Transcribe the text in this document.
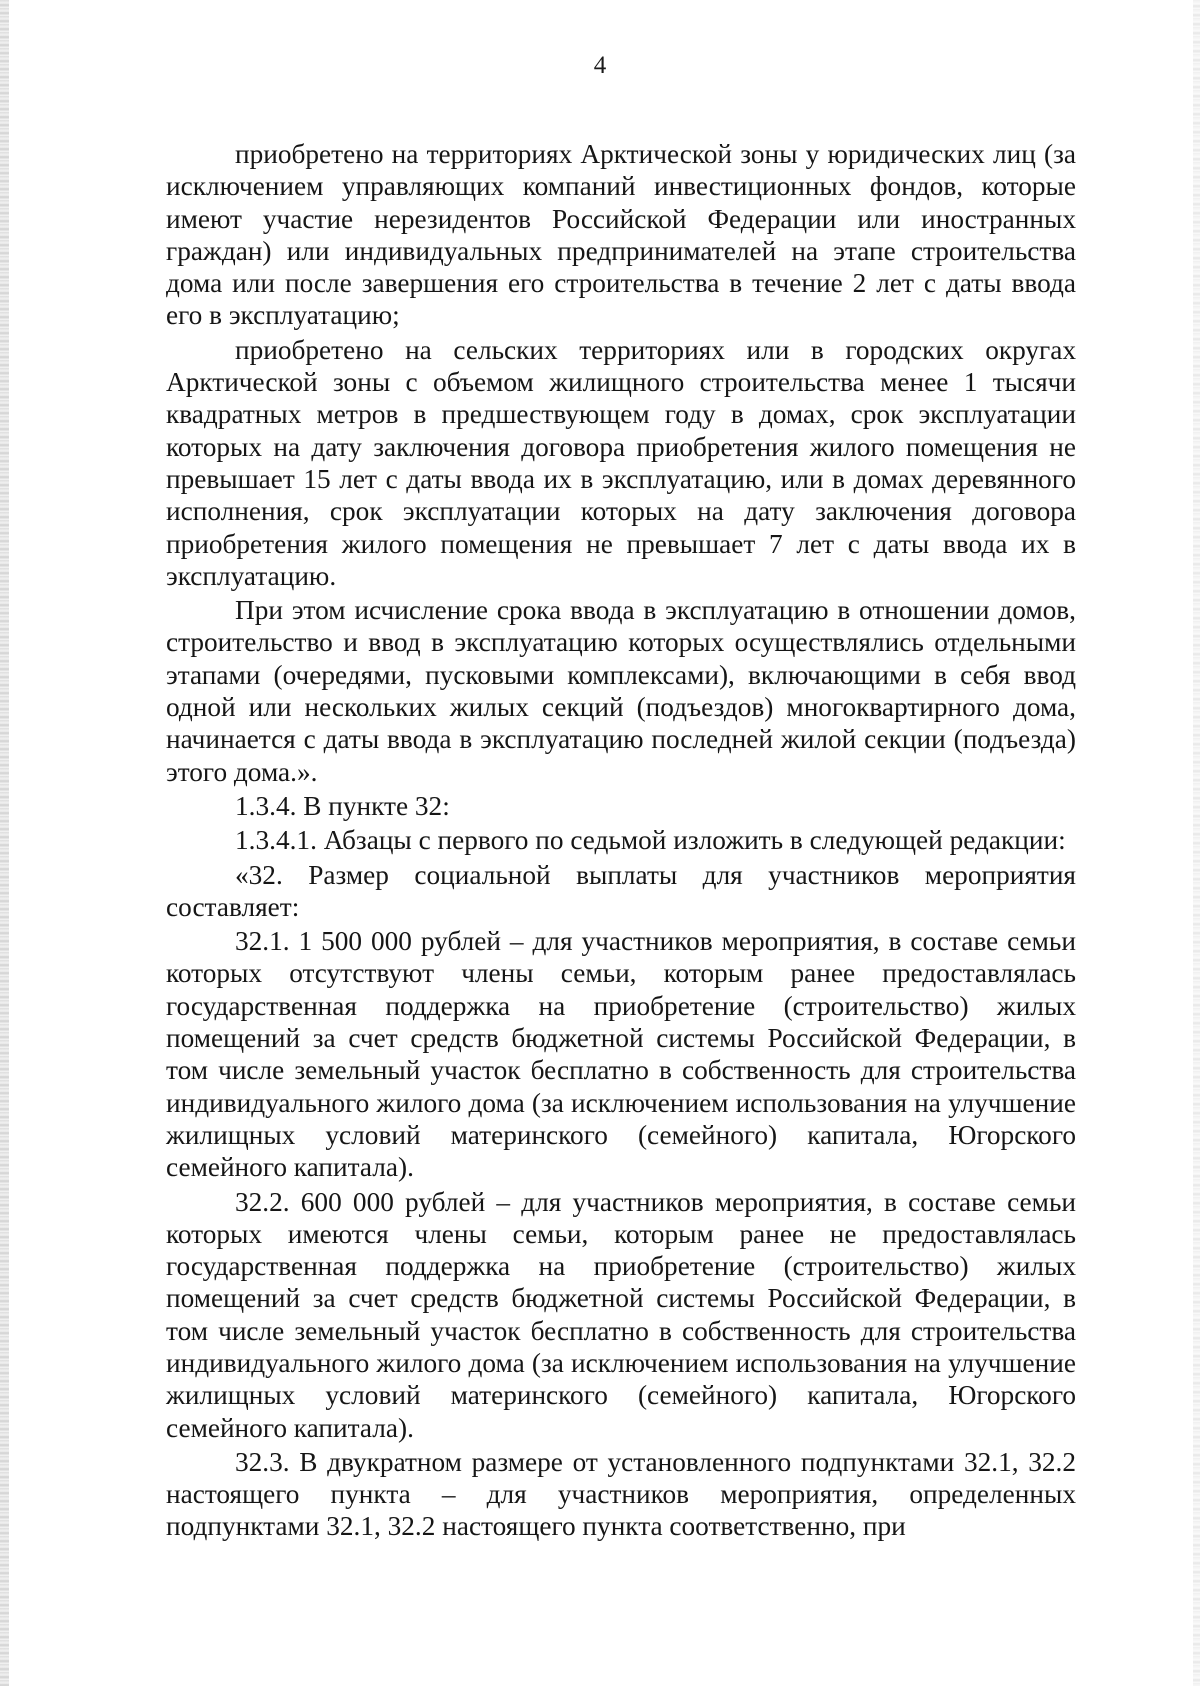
4

приобретено на территориях Арктической зоны у юридических лиц (за исключением управляющих компаний инвестиционных фондов, которые имеют участие нерезидентов Российской Федерации или иностранных граждан) или индивидуальных предпринимателей на этапе строительства дома или после завершения его строительства в течение 2 лет с даты ввода его в эксплуатацию;

приобретено на сельских территориях или в городских округах Арктической зоны с объемом жилищного строительства менее 1 тысячи квадратных метров в предшествующем году в домах, срок эксплуатации которых на дату заключения договора приобретения жилого помещения не превышает 15 лет с даты ввода их в эксплуатацию, или в домах деревянного исполнения, срок эксплуатации которых на дату заключения договора приобретения жилого помещения не превышает 7 лет с даты ввода их в эксплуатацию.

При этом исчисление срока ввода в эксплуатацию в отношении домов, строительство и ввод в эксплуатацию которых осуществлялись отдельными этапами (очередями, пусковыми комплексами), включающими в себя ввод одной или нескольких жилых секций (подъездов) многоквартирного дома, начинается с даты ввода в эксплуатацию последней жилой секции (подъезда) этого дома.».

1.3.4. В пункте 32:

1.3.4.1. Абзацы с первого по седьмой изложить в следующей редакции:

«32. Размер социальной выплаты для участников мероприятия составляет:

32.1. 1 500 000 рублей – для участников мероприятия, в составе семьи которых отсутствуют члены семьи, которым ранее предоставлялась государственная поддержка на приобретение (строительство) жилых помещений за счет средств бюджетной системы Российской Федерации, в том числе земельный участок бесплатно в собственность для строительства индивидуального жилого дома (за исключением использования на улучшение жилищных условий материнского (семейного) капитала, Югорского семейного капитала).

32.2. 600 000 рублей – для участников мероприятия, в составе семьи которых имеются члены семьи, которым ранее не предоставлялась государственная поддержка на приобретение (строительство) жилых помещений за счет средств бюджетной системы Российской Федерации, в том числе земельный участок бесплатно в собственность для строительства индивидуального жилого дома (за исключением использования на улучшение жилищных условий материнского (семейного) капитала, Югорского семейного капитала).

32.3. В двукратном размере от установленного подпунктами 32.1, 32.2 настоящего пункта – для участников мероприятия, определенных подпунктами 32.1, 32.2 настоящего пункта соответственно, при
